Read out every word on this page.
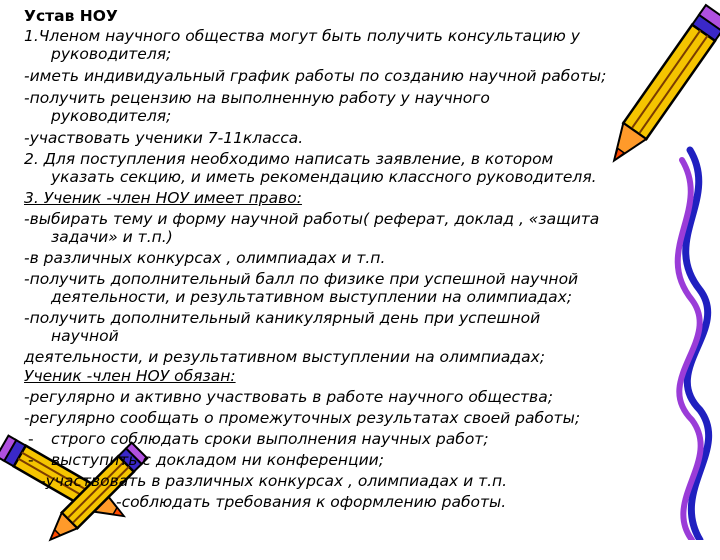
Устав НОУ
1.Членом научного общества могут быть получить консультацию у
руководителя;
-иметь индивидуальный график работы по созданию научной работы;
-получить рецензию на выполненную работу у научного
руководителя;
-участвовать ученики 7-11класса.
2. Для поступления необходимо написать заявление, в котором
указать секцию, и иметь рекомендацию классного руководителя.
3. Ученик -член НОУ имеет право:
-выбирать тему и форму научной работы( реферат, доклад , «защита
задачи» и т.п.)
-в различных конкурсах , олимпиадах и т.п.
-получить дополнительный балл по физике при успешной научной
деятельности, и результативном выступлении на олимпиадах;
-получить дополнительный каникулярный день при успешной
научной
деятельности, и результативном выступлении на олимпиадах;
Ученик -член НОУ обязан:
-регулярно и активно участвовать в работе научного общества;
-регулярно сообщать о промежуточных результатах своей работы;
- строго соблюдать сроки выполнения научных работ;
- выступить с докладом ни конференции;
-участвовать в различных конкурсах , олимпиадах и т.п.
-соблюдать требования к оформлению работы.
